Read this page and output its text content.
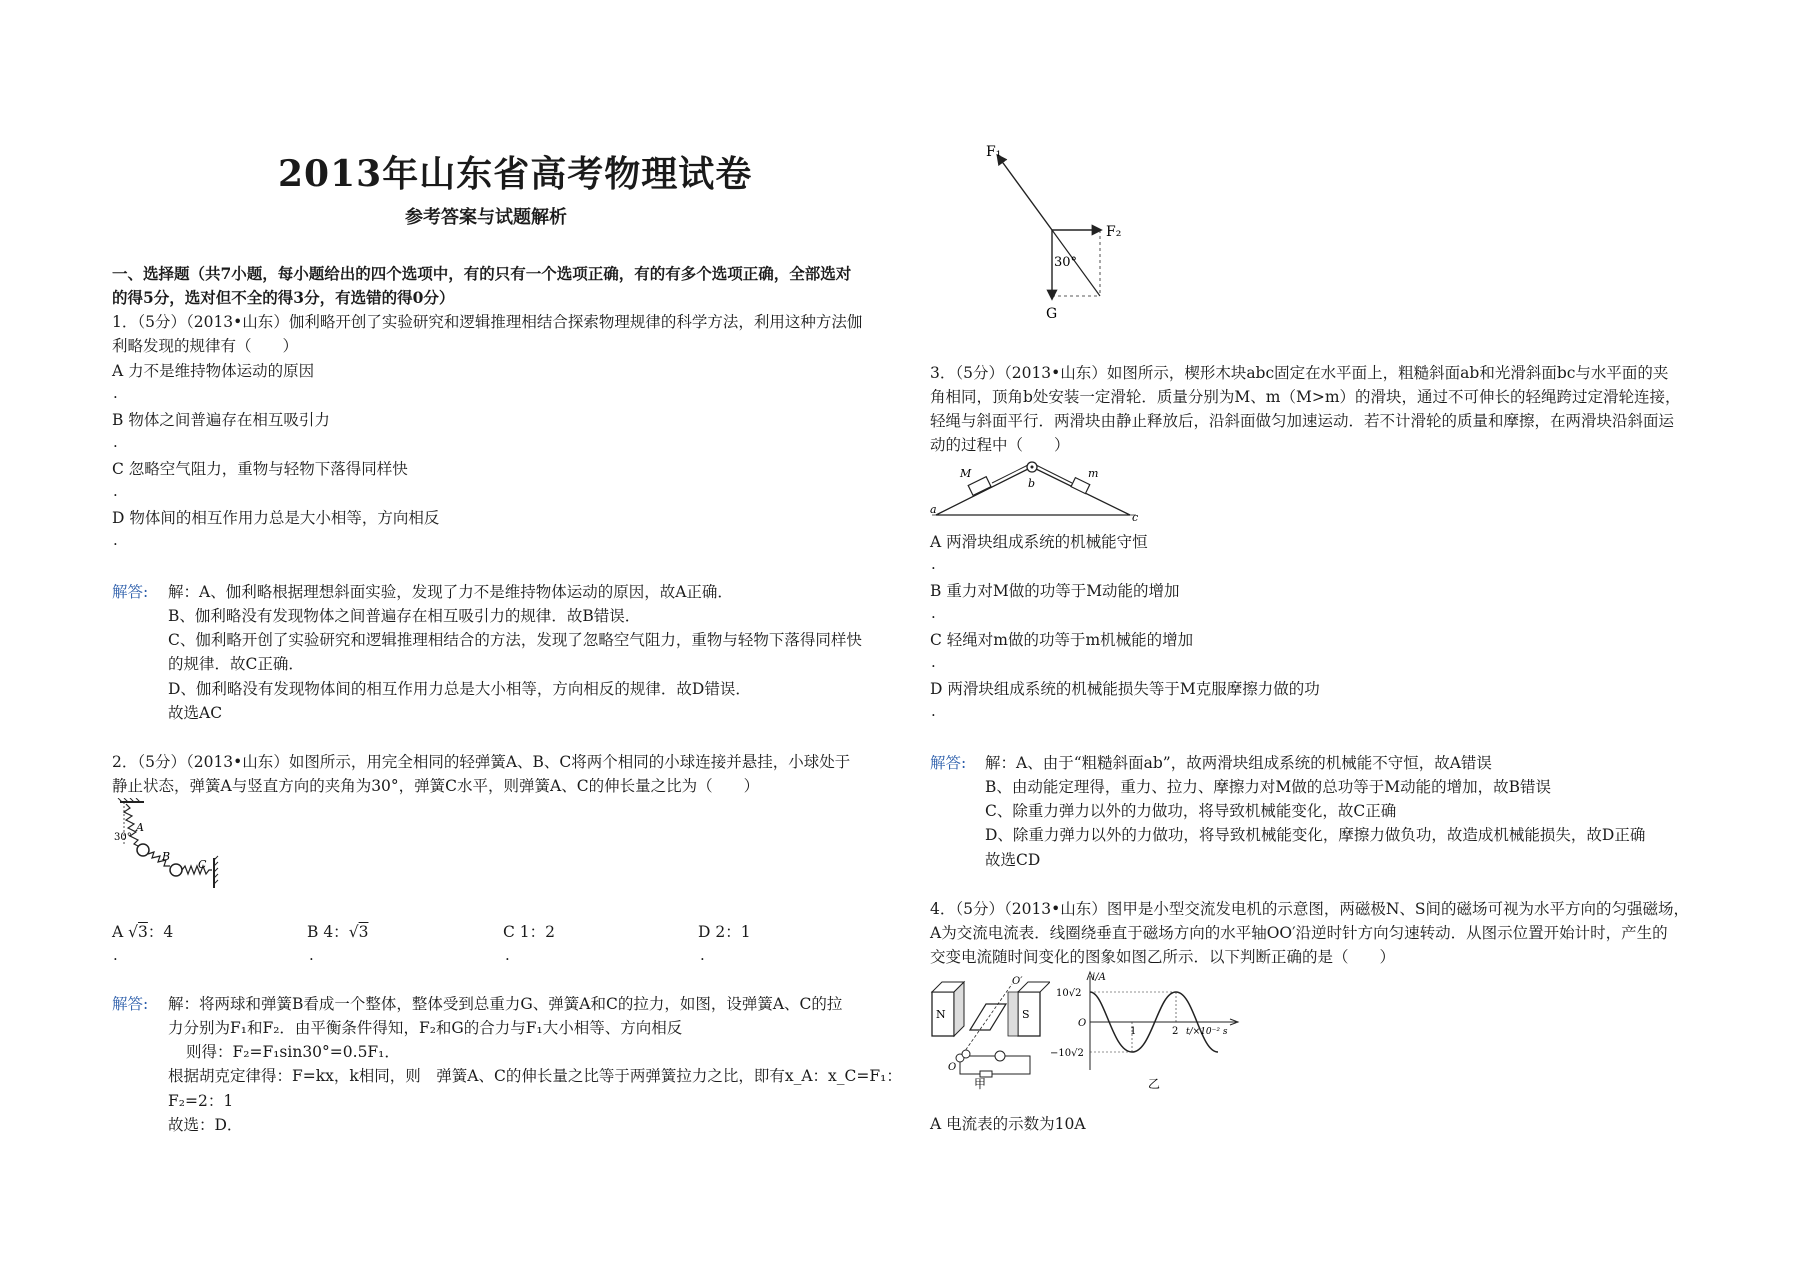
2013年山东省高考物理试卷
参考答案与试题解析
一、选择题（共7小题，每小题给出的四个选项中，有的只有一个选项正确，有的有多个选项正确，全部选对
的得5分，选对但不全的得3分，有选错的得0分）
1．（5分）（2013•山东）伽利略开创了实验研究和逻辑推理相结合探索物理规律的科学方法，利用这种方法伽
利略发现的规律有（　　）
A 力不是维持物体运动的原因
.
B 物体之间普遍存在相互吸引力
.
C 忽略空气阻力，重物与轻物下落得同样快
.
D 物体间的相互作用力总是大小相等，方向相反
.
解答: 解：A、伽利略根据理想斜面实验，发现了力不是维持物体运动的原因，故A正确．
B、伽利略没有发现物体之间普遍存在相互吸引力的规律．故B错误．
C、伽利略开创了实验研究和逻辑推理相结合的方法，发现了忽略空气阻力，重物与轻物下落得同样快
的规律．故C正确．
D、伽利略没有发现物体间的相互作用力总是大小相等，方向相反的规律．故D错误．
故选AC
2．（5分）（2013•山东）如图所示，用完全相同的轻弹簧A、B、C将两个相同的小球连接并悬挂，小球处于
静止状态，弹簧A与竖直方向的夹角为30°，弹簧C水平，则弹簧A、C的伸长量之比为（　　）
30°
A
B
C
A √3：4	B 4：√3	C 1：2	D 2：1
.	.	.	.
解答: 解：将两球和弹簧B看成一个整体，整体受到总重力G、弹簧A和C的拉力，如图，设弹簧A、C的拉
力分别为F₁和F₂．由平衡条件得知，F₂和G的合力与F₁大小相等、方向相反
则得：F₂=F₁sin30°=0.5F₁．
根据胡克定律得：F=kx，k相同，则　弹簧A、C的伸长量之比等于两弹簧拉力之比，即有x_A：x_C=F₁：
F₂=2：1
故选：D．
F₁
F₂
30°
G
3．（5分）（2013•山东）如图所示，楔形木块abc固定在水平面上，粗糙斜面ab和光滑斜面bc与水平面的夹
角相同，顶角b处安装一定滑轮．质量分别为M、m（M>m）的滑块，通过不可伸长的轻绳跨过定滑轮连接，
轻绳与斜面平行．两滑块由静止释放后，沿斜面做匀加速运动．若不计滑轮的质量和摩擦，在两滑块沿斜面运
动的过程中（　　）
M	m
a
b
c
A 两滑块组成系统的机械能守恒
.
B 重力对M做的功等于M动能的增加
.
C 轻绳对m做的功等于m机械能的增加
.
D 两滑块组成系统的机械能损失等于M克服摩擦力做的功
.
解答: 解：A、由于“粗糙斜面ab”，故两滑块组成系统的机械能不守恒，故A错误
B、由动能定理得，重力、拉力、摩擦力对M做的总功等于M动能的增加，故B错误
C、除重力弹力以外的力做功，将导致机械能变化，故C正确
D、除重力弹力以外的力做功，将导致机械能变化，摩擦力做负功，故造成机械能损失，故D正确
故选CD
4．（5分）（2013•山东）图甲是小型交流发电机的示意图，两磁极N、S间的磁场可视为水平方向的匀强磁场，
A为交流电流表．线圈绕垂直于磁场方向的水平轴OO′沿逆时针方向匀速转动．从图示位置开始计时，产生的
交变电流随时间变化的图象如图乙所示．以下判断正确的是（　　）
N	S
O
O′
甲
i/A
10√2
−10√2
O
1	2 t/×10⁻² s
乙
A 电流表的示数为10A
